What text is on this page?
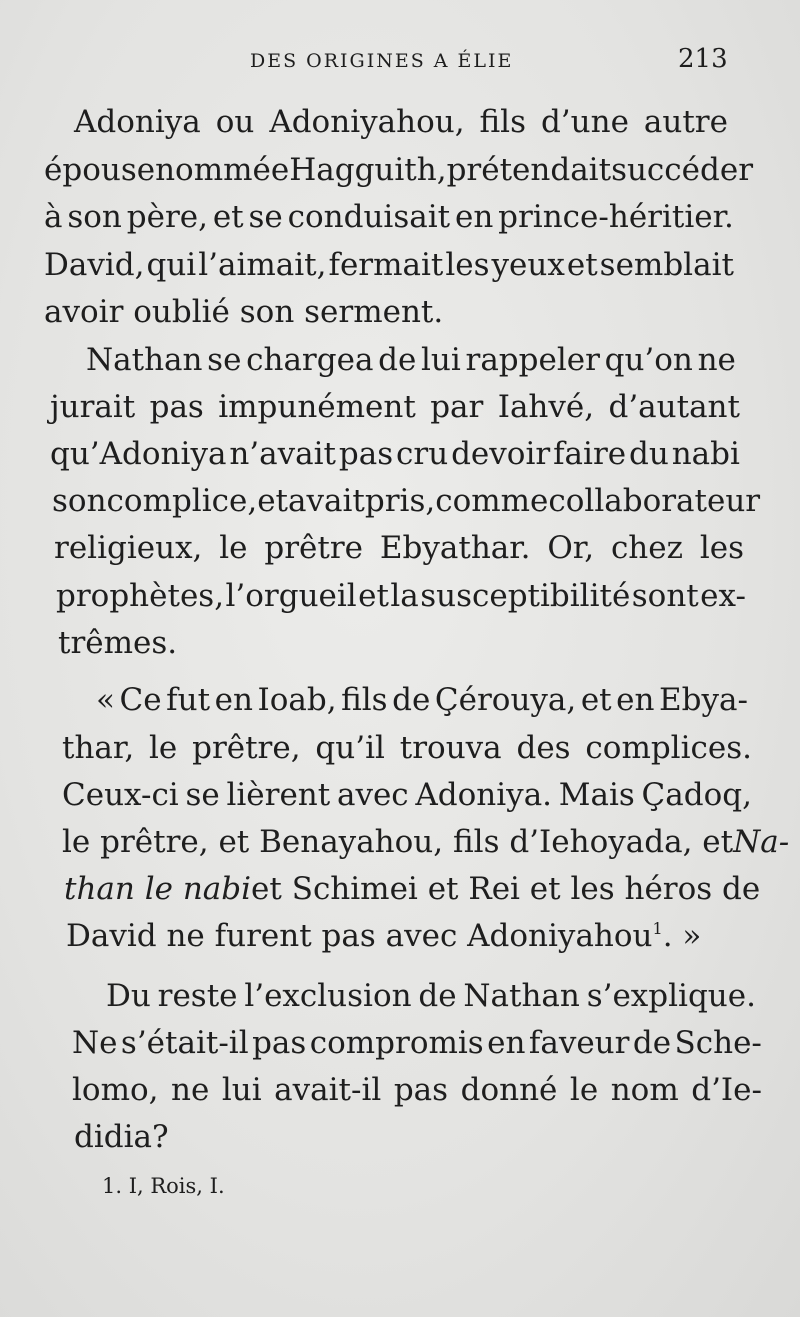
DES ORIGINES A ÉLIE	213

Adoniya ou Adoniyahou, fils d’une autre

épouse nommée Hagguith, prétendait succéder

à son père, et se conduisait en prince-héritier.

David, qui l’aimait, fermait les yeux et semblait

avoir oublié son serment.

Nathan se chargea de lui rappeler qu’on ne

jurait pas impunément par Iahvé, d’autant

qu’Adoniya n’avait pas cru devoir faire du nabi

son complice, et avait pris, comme collaborateur

religieux, le prêtre Ebyathar. Or, chez les

prophètes, l’orgueil et la susceptibilité sont ex-

trêmes.

« Ce fut en Ioab, fils de Çérouya, et en Ebya-

thar, le prêtre, qu’il trouva des complices.

Ceux-ci se lièrent avec Adoniya. Mais Çadoq,

le prêtre, et Benayahou, fils d’Iehoyada, et Na-

than le nabi et Schimei et Rei et les héros de

David ne furent pas avec Adoniyahou$^1$. »

Du reste l’exclusion de Nathan s’explique.

Ne s’était-il pas compromis en faveur de Sche-

lomo, ne lui avait-il pas donné le nom d’Ie-

didia?

1. I, Rois, I.
